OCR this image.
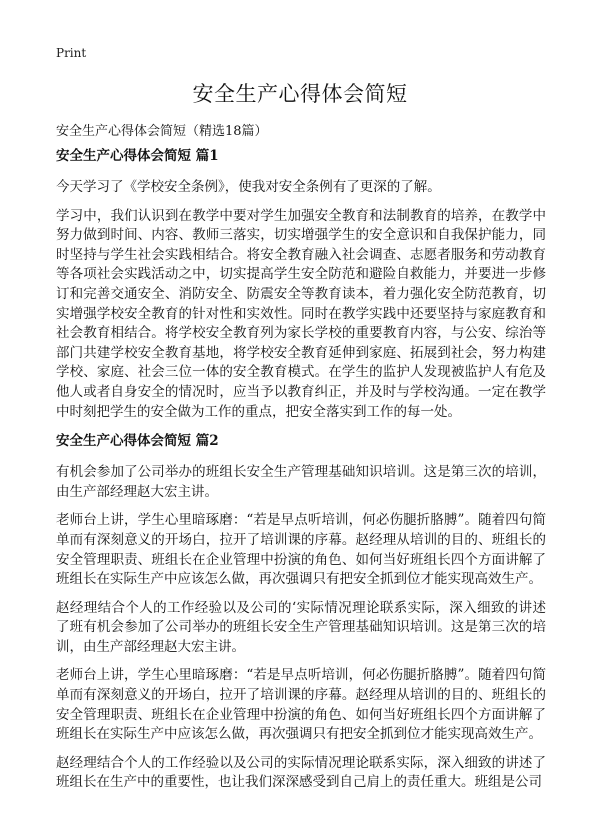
Print
安全生产心得体会简短
安全生产心得体会简短（精选18篇）
安全生产心得体会简短 篇1
今天学习了《学校安全条例》，使我对安全条例有了更深的了解。
学习中，我们认识到在教学中要对学生加强安全教育和法制教育的培养，在教学中努力做到时间、内容、教师三落实，切实增强学生的安全意识和自我保护能力，同时坚持与学生社会实践相结合。将安全教育融入社会调查、志愿者服务和劳动教育等各项社会实践活动之中，切实提高学生安全防范和避险自救能力，并要进一步修订和完善交通安全、消防安全、防震安全等教育读本，着力强化安全防范教育，切实增强学校安全教育的针对性和实效性。同时在教学实践中还要坚持与家庭教育和社会教育相结合。将学校安全教育列为家长学校的重要教育内容，与公安、综治等部门共建学校安全教育基地，将学校安全教育延伸到家庭、拓展到社会，努力构建学校、家庭、社会三位一体的安全教育模式。在学生的监护人发现被监护人有危及他人或者自身安全的情况时，应当予以教育纠正，并及时与学校沟通。一定在教学中时刻把学生的安全做为工作的重点，把安全落实到工作的每一处。
安全生产心得体会简短 篇2
有机会参加了公司举办的班组长安全生产管理基础知识培训。这是第三次的培训，由生产部经理赵大宏主讲。
老师台上讲，学生心里暗琢磨：“若是早点听培训，何必伤腿折胳膊”。随着四句简单而有深刻意义的开场白，拉开了培训课的序幕。赵经理从培训的目的、班组长的安全管理职责、班组长在企业管理中扮演的角色、如何当好班组长四个方面讲解了班组长在实际生产中应该怎么做，再次强调只有把安全抓到位才能实现高效生产。
赵经理结合个人的工作经验以及公司的‘实际情况理论联系实际，深入细致的讲述了班有机会参加了公司举办的班组长安全生产管理基础知识培训。这是第三次的培训，由生产部经理赵大宏主讲。
老师台上讲，学生心里暗琢磨：“若是早点听培训，何必伤腿折胳膊”。随着四句简单而有深刻意义的开场白，拉开了培训课的序幕。赵经理从培训的目的、班组长的安全管理职责、班组长在企业管理中扮演的角色、如何当好班组长四个方面讲解了班组长在实际生产中应该怎么做，再次强调只有把安全抓到位才能实现高效生产。
赵经理结合个人的工作经验以及公司的实际情况理论联系实际，深入细致的讲述了班组长在生产中的重要性，也让我们深深感受到自己肩上的责任重大。班组是公司
